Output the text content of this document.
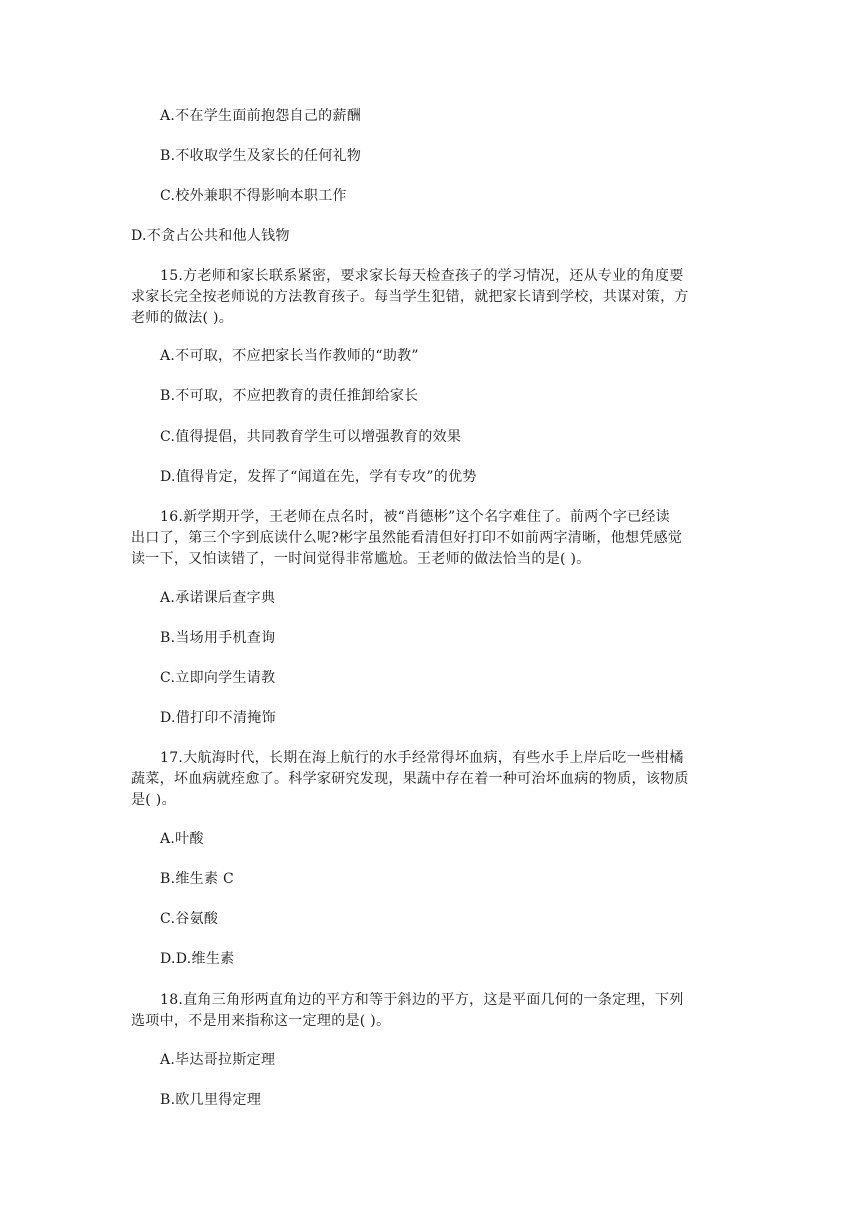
A.不在学生面前抱怨自己的薪酬
B.不收取学生及家长的任何礼物
C.校外兼职不得影响本职工作
D.不贪占公共和他人钱物
15.方老师和家长联系紧密，要求家长每天检查孩子的学习情况，还从专业的角度要
求家长完全按老师说的方法教育孩子。每当学生犯错，就把家长请到学校，共谋对策，方
老师的做法( )。
A.不可取，不应把家长当作教师的“助教”
B.不可取，不应把教育的责任推卸给家长
C.值得提倡，共同教育学生可以增强教育的效果
D.值得肯定，发挥了“闻道在先，学有专攻”的优势
16.新学期开学，王老师在点名时，被“肖德彬”这个名字难住了。前两个字已经读
出口了，第三个字到底读什么呢?彬字虽然能看清但好打印不如前两字清晰，他想凭感觉
读一下，又怕读错了，一时间觉得非常尴尬。王老师的做法恰当的是( )。
A.承诺课后查字典
B.当场用手机查询
C.立即向学生请教
D.借打印不清掩饰
17.大航海时代，长期在海上航行的水手经常得坏血病，有些水手上岸后吃一些柑橘
蔬菜，坏血病就痊愈了。科学家研究发现，果蔬中存在着一种可治坏血病的物质，该物质
是( )。
A.叶酸
B.维生素 C
C.谷氨酸
D.D.维生素
18.直角三角形两直角边的平方和等于斜边的平方，这是平面几何的一条定理，下列
选项中，不是用来指称这一定理的是( )。
A.毕达哥拉斯定理
B.欧几里得定理
